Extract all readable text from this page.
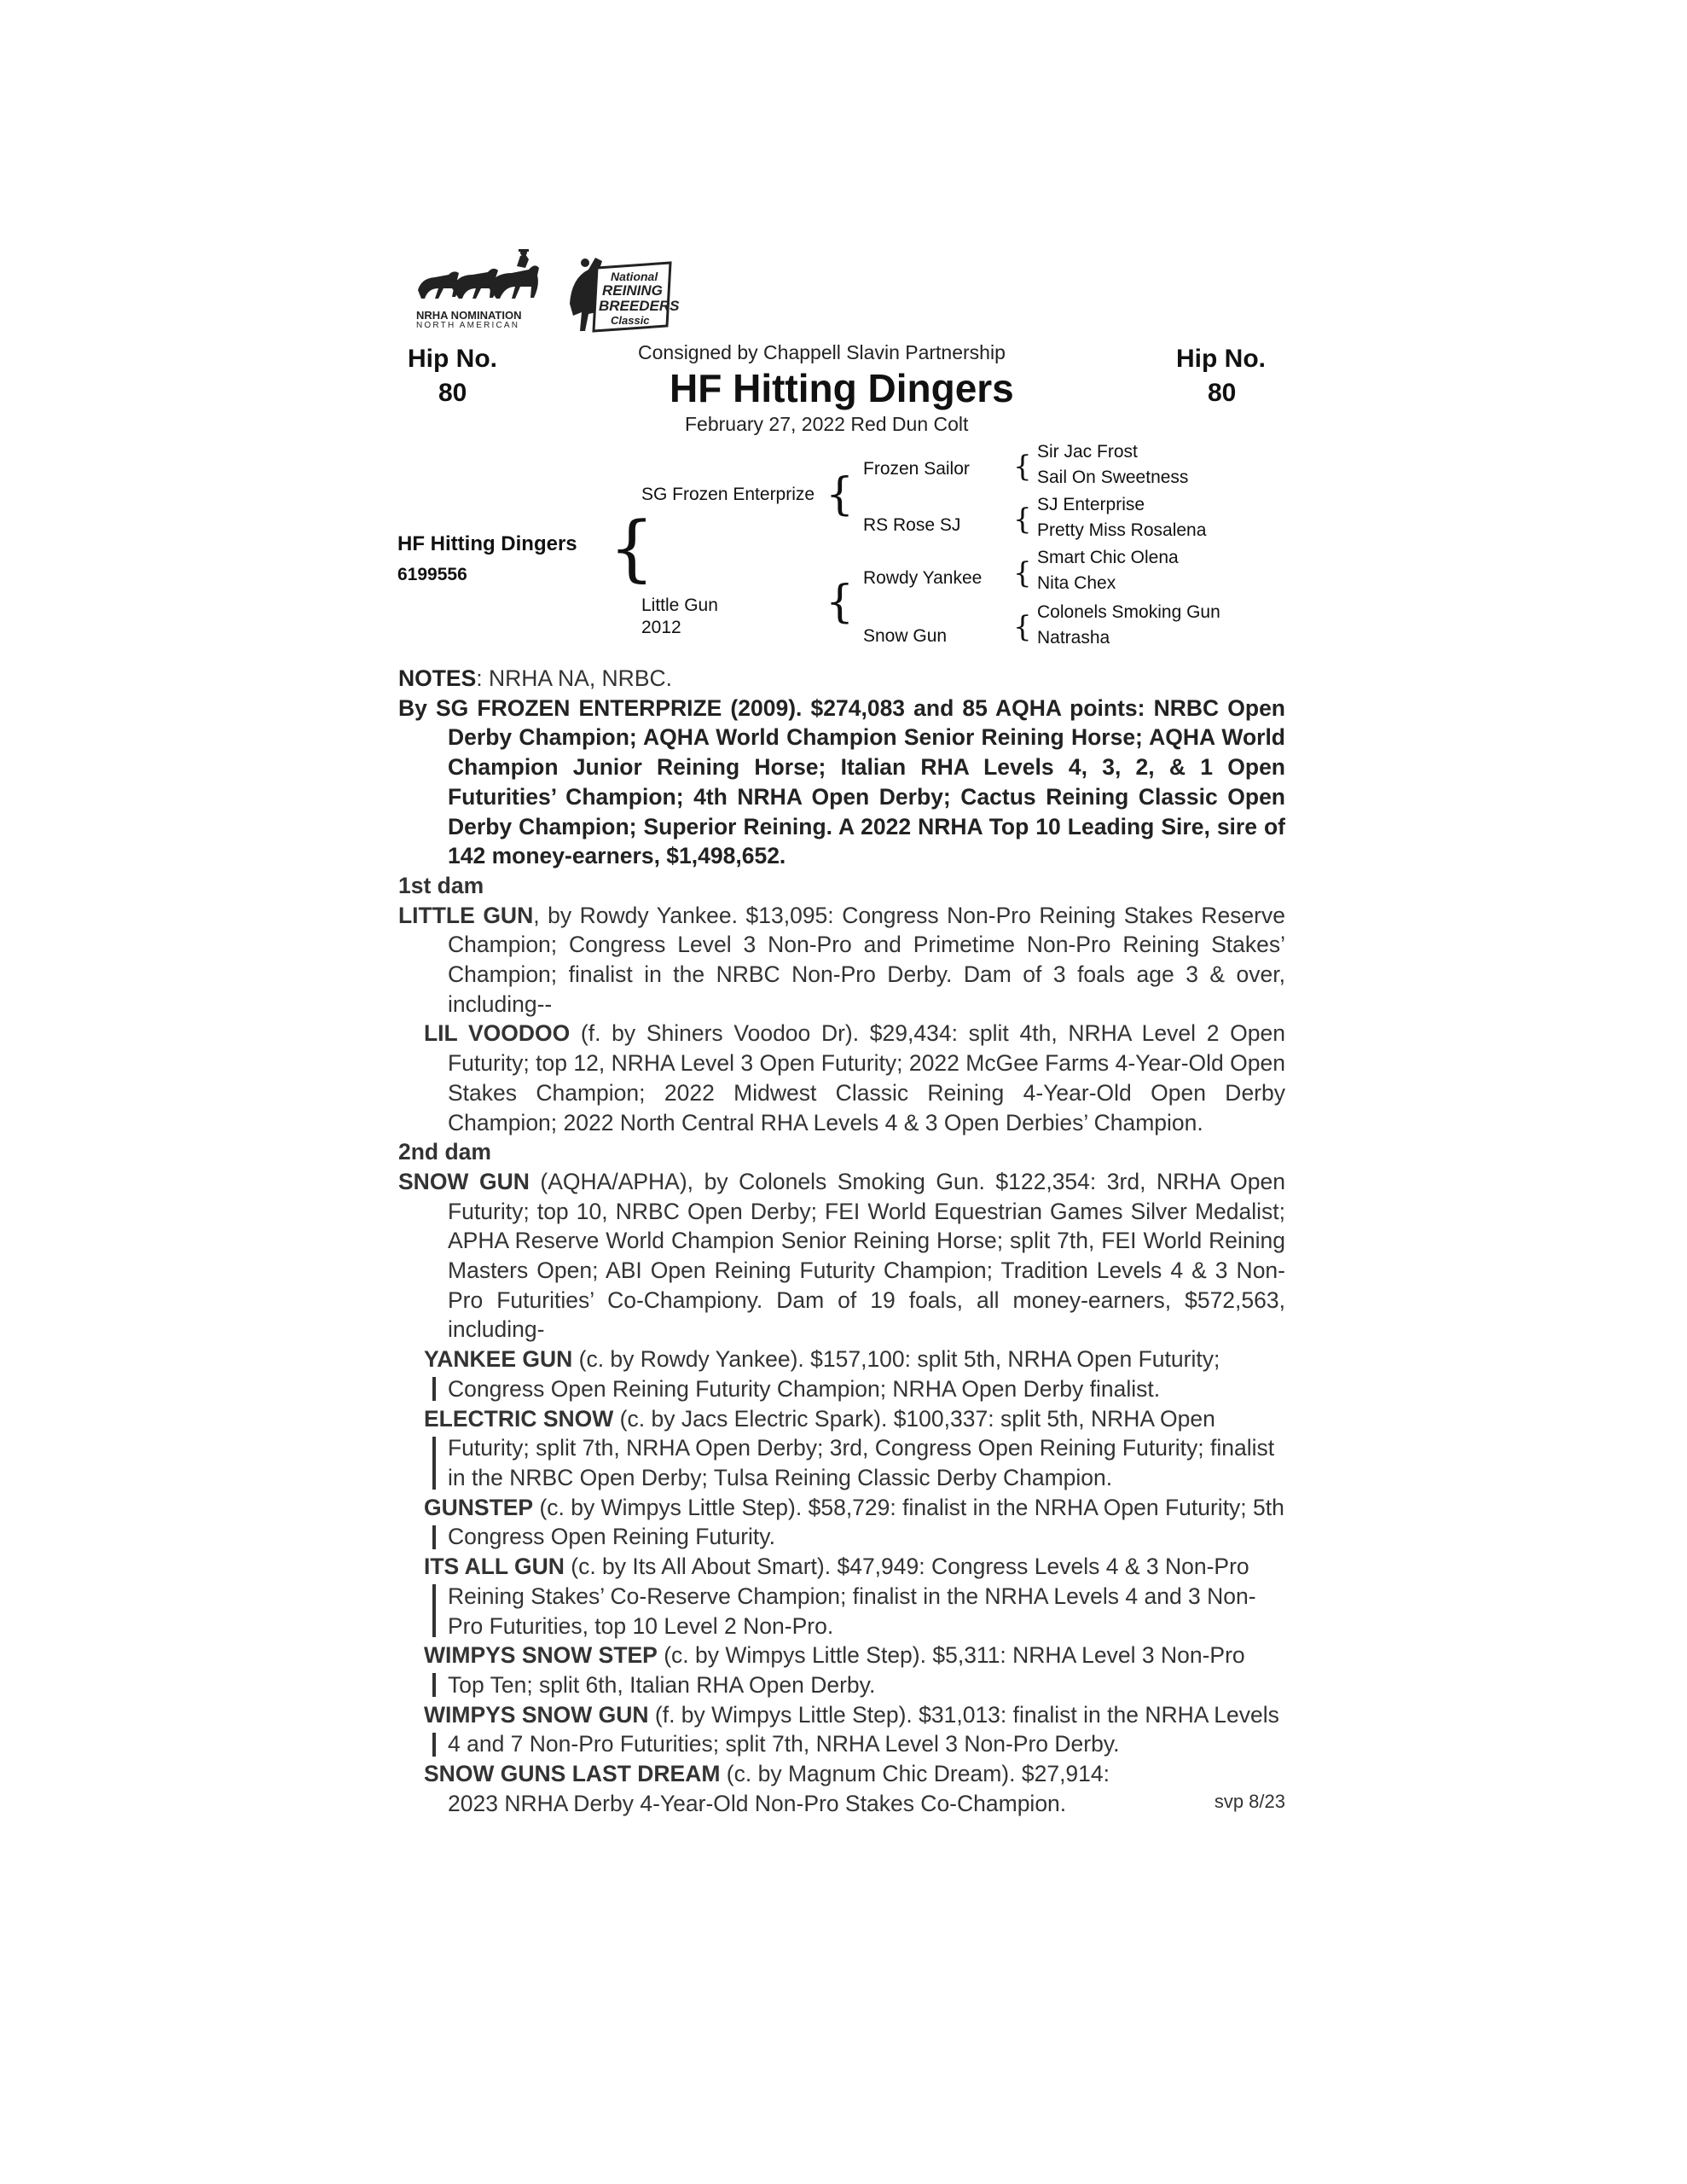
NRHA NOMINATION
NORTH AMERICAN
National
REINING
BREEDERS
Classic
Hip No.
80
Hip No.
80
Consigned by Chappell Slavin Partnership
HF Hitting Dingers
February 27, 2022 Red Dun Colt
HF Hitting Dingers
6199556 {
SG Frozen Enterprize {
Little Gun
2012	{
Frozen Sailor
RS Rose SJ
Rowdy Yankee
Snow Gun
{
{
{
{
Sir Jac Frost
Sail On Sweetness
SJ Enterprise
Pretty Miss Rosalena
Smart Chic Olena
Nita Chex
Colonels Smoking Gun
Natrasha

NOTES: NRHA NA, NRBC.

By SG FROZEN ENTERPRIZE (2009). $274,083 and 85 AQHA points: NRBC Open Derby Champion; AQHA World Champion Senior Reining Horse; AQHA World Champion Junior Reining Horse; Italian RHA Levels 4, 3, 2, & 1 Open Futurities’ Champion; 4th NRHA Open Derby; Cactus Reining Classic Open Derby Champion; Superior Reining. A 2022 NRHA Top 10 Leading Sire, sire of 142 money-earners, $1,498,652.

1st dam

LITTLE GUN, by Rowdy Yankee. $13,095: Congress Non-Pro Reining Stakes Reserve Champion; Congress Level 3 Non-Pro and Primetime Non-Pro Reining Stakes’ Champion; finalist in the NRBC Non-Pro Derby. Dam of 3 foals age 3 & over, including--

LIL VOODOO (f. by Shiners Voodoo Dr). $29,434: split 4th, NRHA Level 2 Open Futurity; top 12, NRHA Level 3 Open Futurity; 2022 McGee Farms 4-Year-Old Open Stakes Champion; 2022 Midwest Classic Reining 4-Year-Old Open Derby Champion; 2022 North Central RHA Levels 4 & 3 Open Derbies’ Champion.

2nd dam

SNOW GUN (AQHA/APHA), by Colonels Smoking Gun. $122,354: 3rd, NRHA Open Futurity; top 10, NRBC Open Derby; FEI World Equestrian Games Silver Medalist; APHA Reserve World Champion Senior Reining Horse; split 7th, FEI World Reining Masters Open; ABI Open Reining Futurity Champion; Tradition Levels 4 & 3 Non-Pro Futurities’ Co-Championy. Dam of 19 foals, all money-earners, $572,563, including-

YANKEE GUN (c. by Rowdy Yankee). $157,100: split 5th, NRHA Open Futurity; Congress Open Reining Futurity Champion; NRHA Open Derby finalist.

ELECTRIC SNOW (c. by Jacs Electric Spark). $100,337: split 5th, NRHA Open Futurity; split 7th, NRHA Open Derby; 3rd, Congress Open Reining Futurity; finalist in the NRBC Open Derby; Tulsa Reining Classic Derby Champion.

GUNSTEP (c. by Wimpys Little Step). $58,729: finalist in the NRHA Open Futurity; 5th Congress Open Reining Futurity.

ITS ALL GUN (c. by Its All About Smart). $47,949: Congress Levels 4 & 3 Non-Pro Reining Stakes’ Co-Reserve Champion; finalist in the NRHA Levels 4 and 3 Non-Pro Futurities, top 10 Level 2 Non-Pro.

WIMPYS SNOW STEP (c. by Wimpys Little Step). $5,311: NRHA Level 3 Non-Pro Top Ten; split 6th, Italian RHA Open Derby.

WIMPYS SNOW GUN (f. by Wimpys Little Step). $31,013: finalist in the NRHA Levels 4 and 7 Non-Pro Futurities; split 7th, NRHA Level 3 Non-Pro Derby.

SNOW GUNS LAST DREAM (c. by Magnum Chic Dream). $27,914: 2023 NRHA Derby 4-Year-Old Non-Pro Stakes Co-Champion.	svp 8/23
